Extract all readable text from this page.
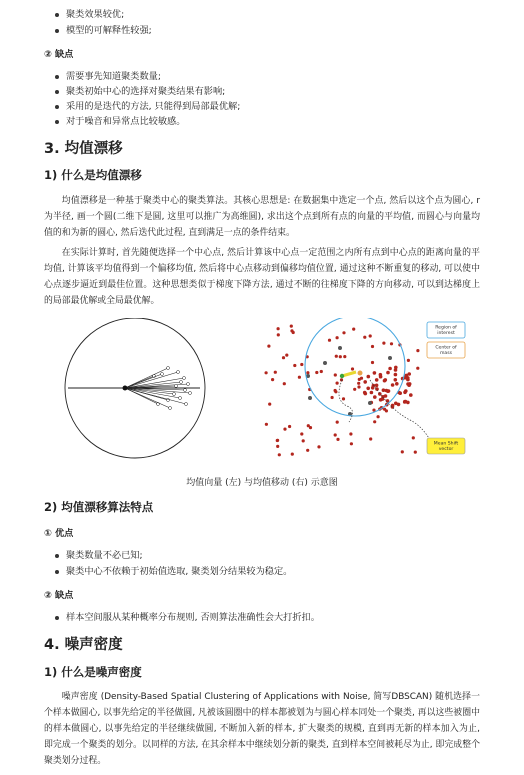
聚类效果较优;
模型的可解释性较强;
② 缺点
需要事先知道聚类数量;
聚类初始中心的选择对聚类结果有影响;
采用的是迭代的方法, 只能得到局部最优解;
对于噪音和异常点比较敏感。
3. 均值漂移
1) 什么是均值漂移

均值漂移是一种基于聚类中心的聚类算法。其核心思想是: 在数据集中选定一个点, 然后以这个点为圆心, r为半径, 画一个圆(二维下是圆, 这里可以推广为高维圆), 求出这个点到所有点的向量的平均值, 而圆心与向量均值的和为新的圆心, 然后迭代此过程, 直到满足一点的条件结束。

在实际计算时, 首先随便选择一个中心点, 然后计算该中心点一定范围之内所有点到中心点的距离向量的平均值, 计算该平均值得到一个偏移均值, 然后将中心点移动到偏移均值位置, 通过这种不断重复的移动, 可以使中心点逐步逼近到最佳位置。这种思想类似于梯度下降方法, 通过不断的往梯度下降的方向移动, 可以到达梯度上的局部最优解或全局最优解。

Region of interest
Center of mass
Mean Shift vector
均值向量 (左) 与均值移动 (右) 示意图
2) 均值漂移算法特点
① 优点
聚类数量不必已知;
聚类中心不依赖于初始值选取, 聚类划分结果较为稳定。
② 缺点
样本空间服从某种概率分布规则, 否则算法准确性会大打折扣。
4. 噪声密度
1) 什么是噪声密度

噪声密度 (Density-Based Spatial Clustering of Applications with Noise, 简写DBSCAN) 随机选择一个样本做圆心, 以事先给定的半径做圆, 凡被该圆圈中的样本都被划为与圆心样本同处一个聚类, 再以这些被圈中的样本做圆心, 以事先给定的半径继续做圆, 不断加入新的样本, 扩大聚类的规模, 直到再无新的样本加入为止, 即完成一个聚类的划分。以同样的方法, 在其余样本中继续划分新的聚类, 直到样本空间被耗尽为止, 即完成整个聚类划分过程。
